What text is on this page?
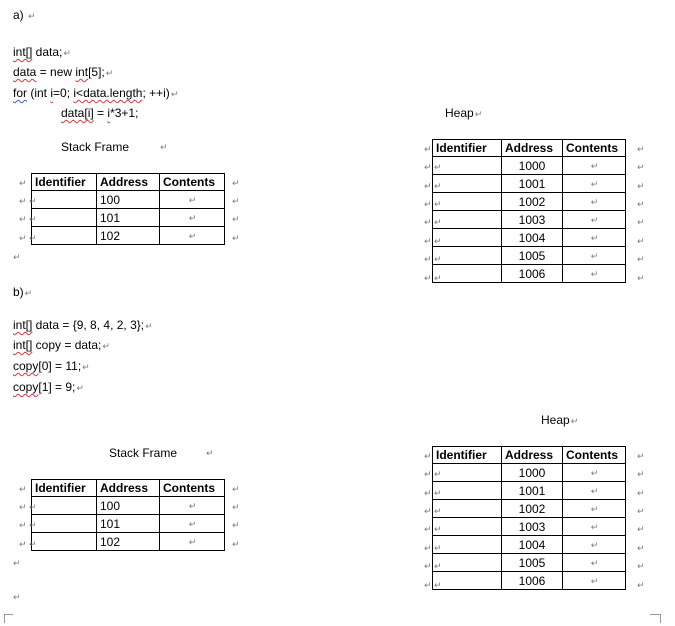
a) ↵
int[] data;↵
data = new int[5];↵
for (int i=0; i<data.length; ++i)↵
data[i] = i*3+1;	Heap↵
Stack Frame	↵
Identifier	Address	Contents
	100	↵
	101	↵
	102	↵
Identifier	Address	Contents
	1000	↵
	1001	↵
	1002	↵
	1003	↵
	1004	↵
	1005	↵
	1006	↵
↵
↵ ↵
↵ ↵
↵ ↵
↵
↵
↵
↵
↵
↵
↵ ↵
↵ ↵
↵ ↵
↵ ↵
↵ ↵
↵ ↵
↵ ↵
↵
↵
↵
↵
↵
↵
↵
↵
b)↵
int[] data = {9, 8, 4, 2, 3};↵
int[] copy = data;↵
copy[0] = 11;↵
copy[1] = 9;↵
Heap↵
Stack Frame	↵
Identifier	Address	Contents
	100	↵
	101	↵
	102	↵
Identifier	Address	Contents
	1000	↵
	1001	↵
	1002	↵
	1003	↵
	1004	↵
	1005	↵
	1006	↵
↵
↵ ↵
↵ ↵
↵ ↵
↵
↵
↵
↵
↵
↵
↵
↵ ↵
↵ ↵
↵ ↵
↵ ↵
↵ ↵
↵ ↵
↵ ↵
↵
↵
↵
↵
↵
↵
↵
↵
